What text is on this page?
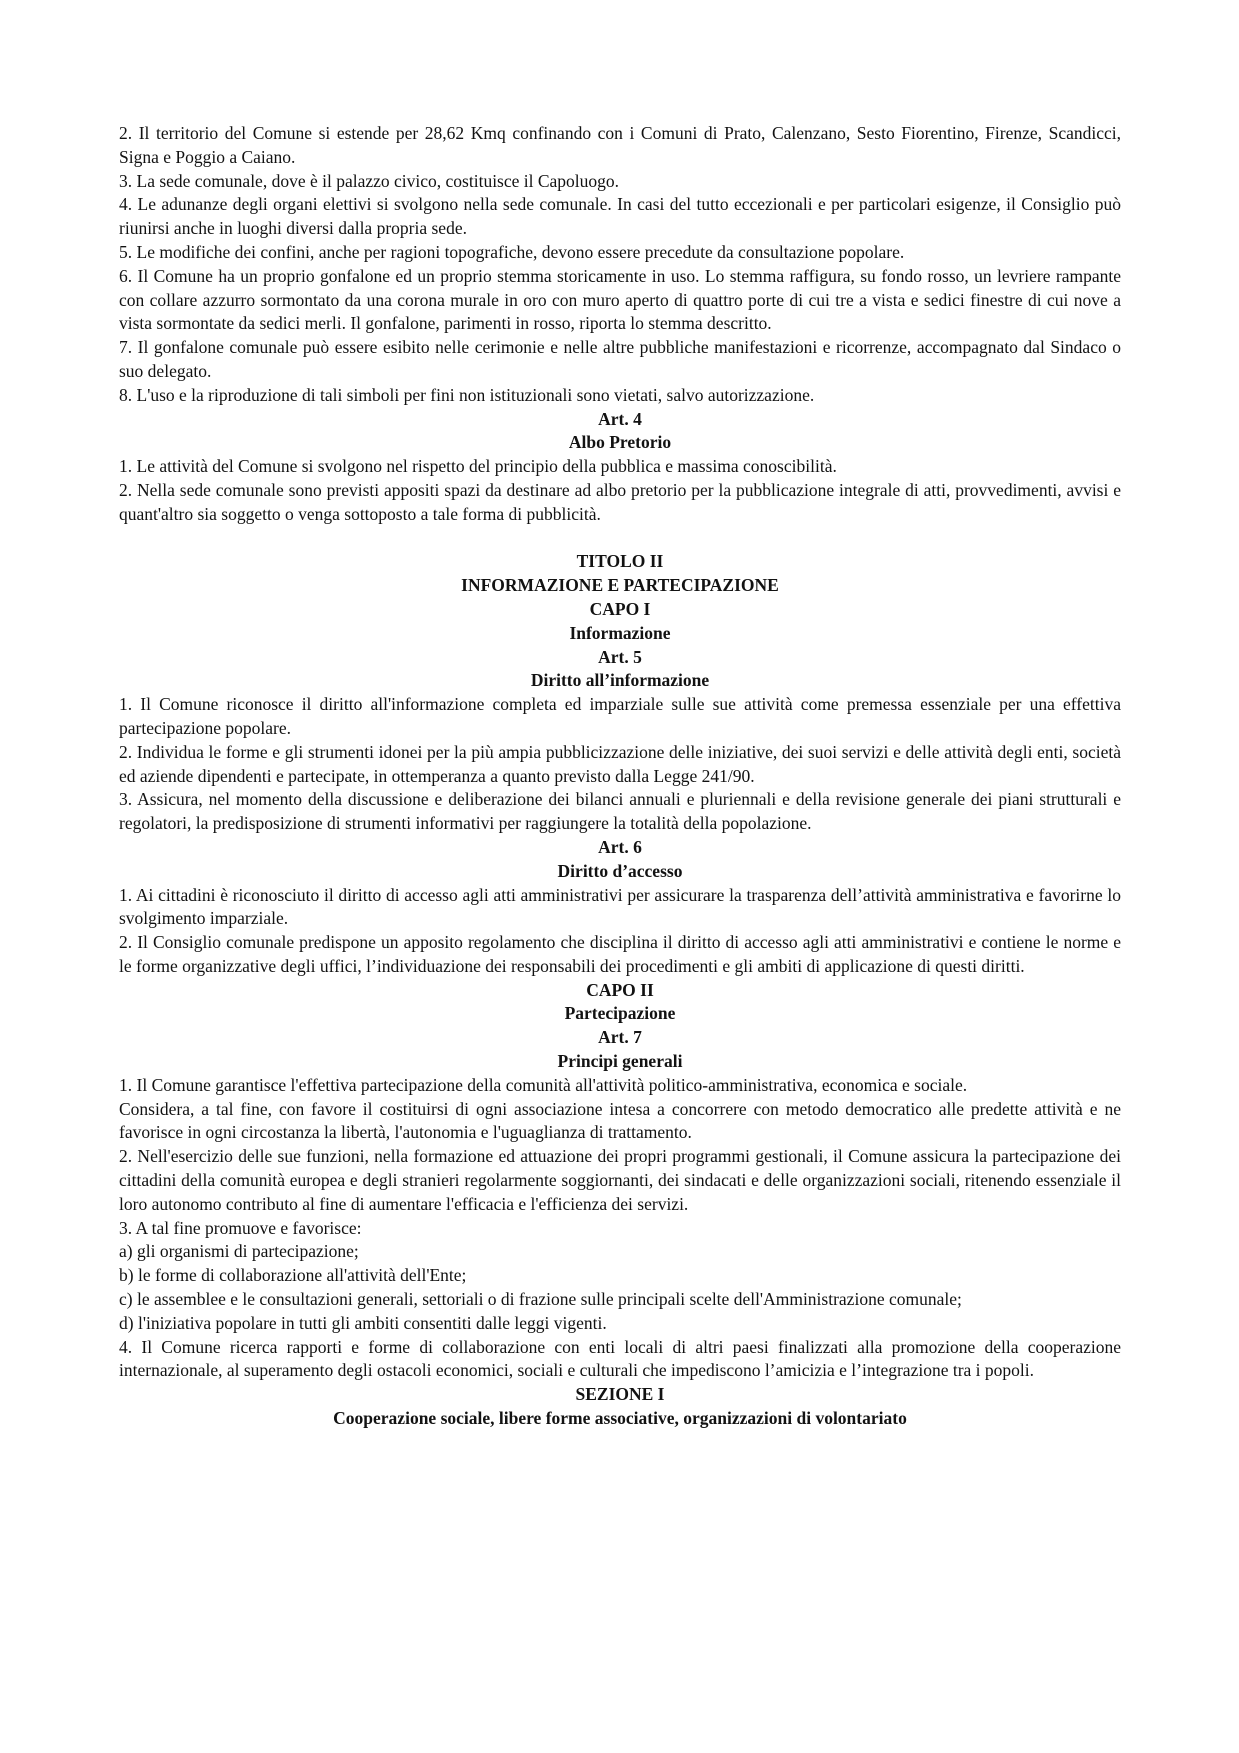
2. Il territorio del Comune si estende per 28,62 Kmq confinando con i Comuni di Prato, Calenzano, Sesto Fiorentino, Firenze, Scandicci, Signa e Poggio a Caiano.

3. La sede comunale, dove è il palazzo civico, costituisce il Capoluogo.

4. Le adunanze degli organi elettivi si svolgono nella sede comunale. In casi del tutto eccezionali e per particolari esigenze, il Consiglio può riunirsi anche in luoghi diversi dalla propria sede.

5. Le modifiche dei confini, anche per ragioni topografiche, devono essere precedute da consultazione popolare.

6. Il Comune ha un proprio gonfalone ed un proprio stemma storicamente in uso. Lo stemma raffigura, su fondo rosso, un levriere rampante con collare azzurro sormontato da una corona murale in oro con muro aperto di quattro porte di cui tre a vista e sedici finestre di cui nove a vista sormontate da sedici merli. Il gonfalone, parimenti in rosso, riporta lo stemma descritto.

7. Il gonfalone comunale può essere esibito nelle cerimonie e nelle altre pubbliche manifestazioni e ricorrenze, accompagnato dal Sindaco o suo delegato.

8. L'uso e la riproduzione di tali simboli per fini non istituzionali sono vietati, salvo autorizzazione.

Art. 4

Albo Pretorio

1. Le attività del Comune si svolgono nel rispetto del principio della pubblica e massima conoscibilità.

2. Nella sede comunale sono previsti appositi spazi da destinare ad albo pretorio per la pubblicazione integrale di atti, provvedimenti, avvisi e quant'altro sia soggetto o venga sottoposto a tale forma di pubblicità.

TITOLO II

INFORMAZIONE E PARTECIPAZIONE

CAPO I

Informazione

Art. 5

Diritto all’informazione

1. Il Comune riconosce il diritto all'informazione completa ed imparziale sulle sue attività come premessa essenziale per una effettiva partecipazione popolare.

2. Individua le forme e gli strumenti idonei per la più ampia pubblicizzazione delle iniziative, dei suoi servizi e delle attività degli enti, società ed aziende dipendenti e partecipate, in ottemperanza a quanto previsto dalla Legge 241/90.

3. Assicura, nel momento della discussione e deliberazione dei bilanci annuali e pluriennali e della revisione generale dei piani strutturali e regolatori, la predisposizione di strumenti informativi per raggiungere la totalità della popolazione.

Art. 6

Diritto d’accesso

1. Ai cittadini è riconosciuto il diritto di accesso agli atti amministrativi per assicurare la trasparenza dell’attività amministrativa e favorirne lo svolgimento imparziale.

2. Il Consiglio comunale predispone un apposito regolamento che disciplina il diritto di accesso agli atti amministrativi e contiene le norme e le forme organizzative degli uffici, l’individuazione dei responsabili dei procedimenti e gli ambiti di applicazione di questi diritti.

CAPO II

Partecipazione

Art. 7

Principi generali

1. Il Comune garantisce l'effettiva partecipazione della comunità all'attività politico-amministrativa, economica e sociale.

Considera, a tal fine, con favore il costituirsi di ogni associazione intesa a concorrere con metodo democratico alle predette attività e ne favorisce in ogni circostanza la libertà, l'autonomia e l'uguaglianza di trattamento.

2. Nell'esercizio delle sue funzioni, nella formazione ed attuazione dei propri programmi gestionali, il Comune assicura la partecipazione dei cittadini della comunità europea e degli stranieri regolarmente soggiornanti, dei sindacati e delle organizzazioni sociali, ritenendo essenziale il loro autonomo contributo al fine di aumentare l'efficacia e l'efficienza dei servizi.

3. A tal fine promuove e favorisce:

a) gli organismi di partecipazione;

b) le forme di collaborazione all'attività dell'Ente;

c) le assemblee e le consultazioni generali, settoriali o di frazione sulle principali scelte dell'Amministrazione comunale;

d) l'iniziativa popolare in tutti gli ambiti consentiti dalle leggi vigenti.

4. Il Comune ricerca rapporti e forme di collaborazione con enti locali di altri paesi finalizzati alla promozione della cooperazione internazionale, al superamento degli ostacoli economici, sociali e culturali che impediscono l’amicizia e l’integrazione tra i popoli.

SEZIONE I

Cooperazione sociale, libere forme associative, organizzazioni di volontariato
